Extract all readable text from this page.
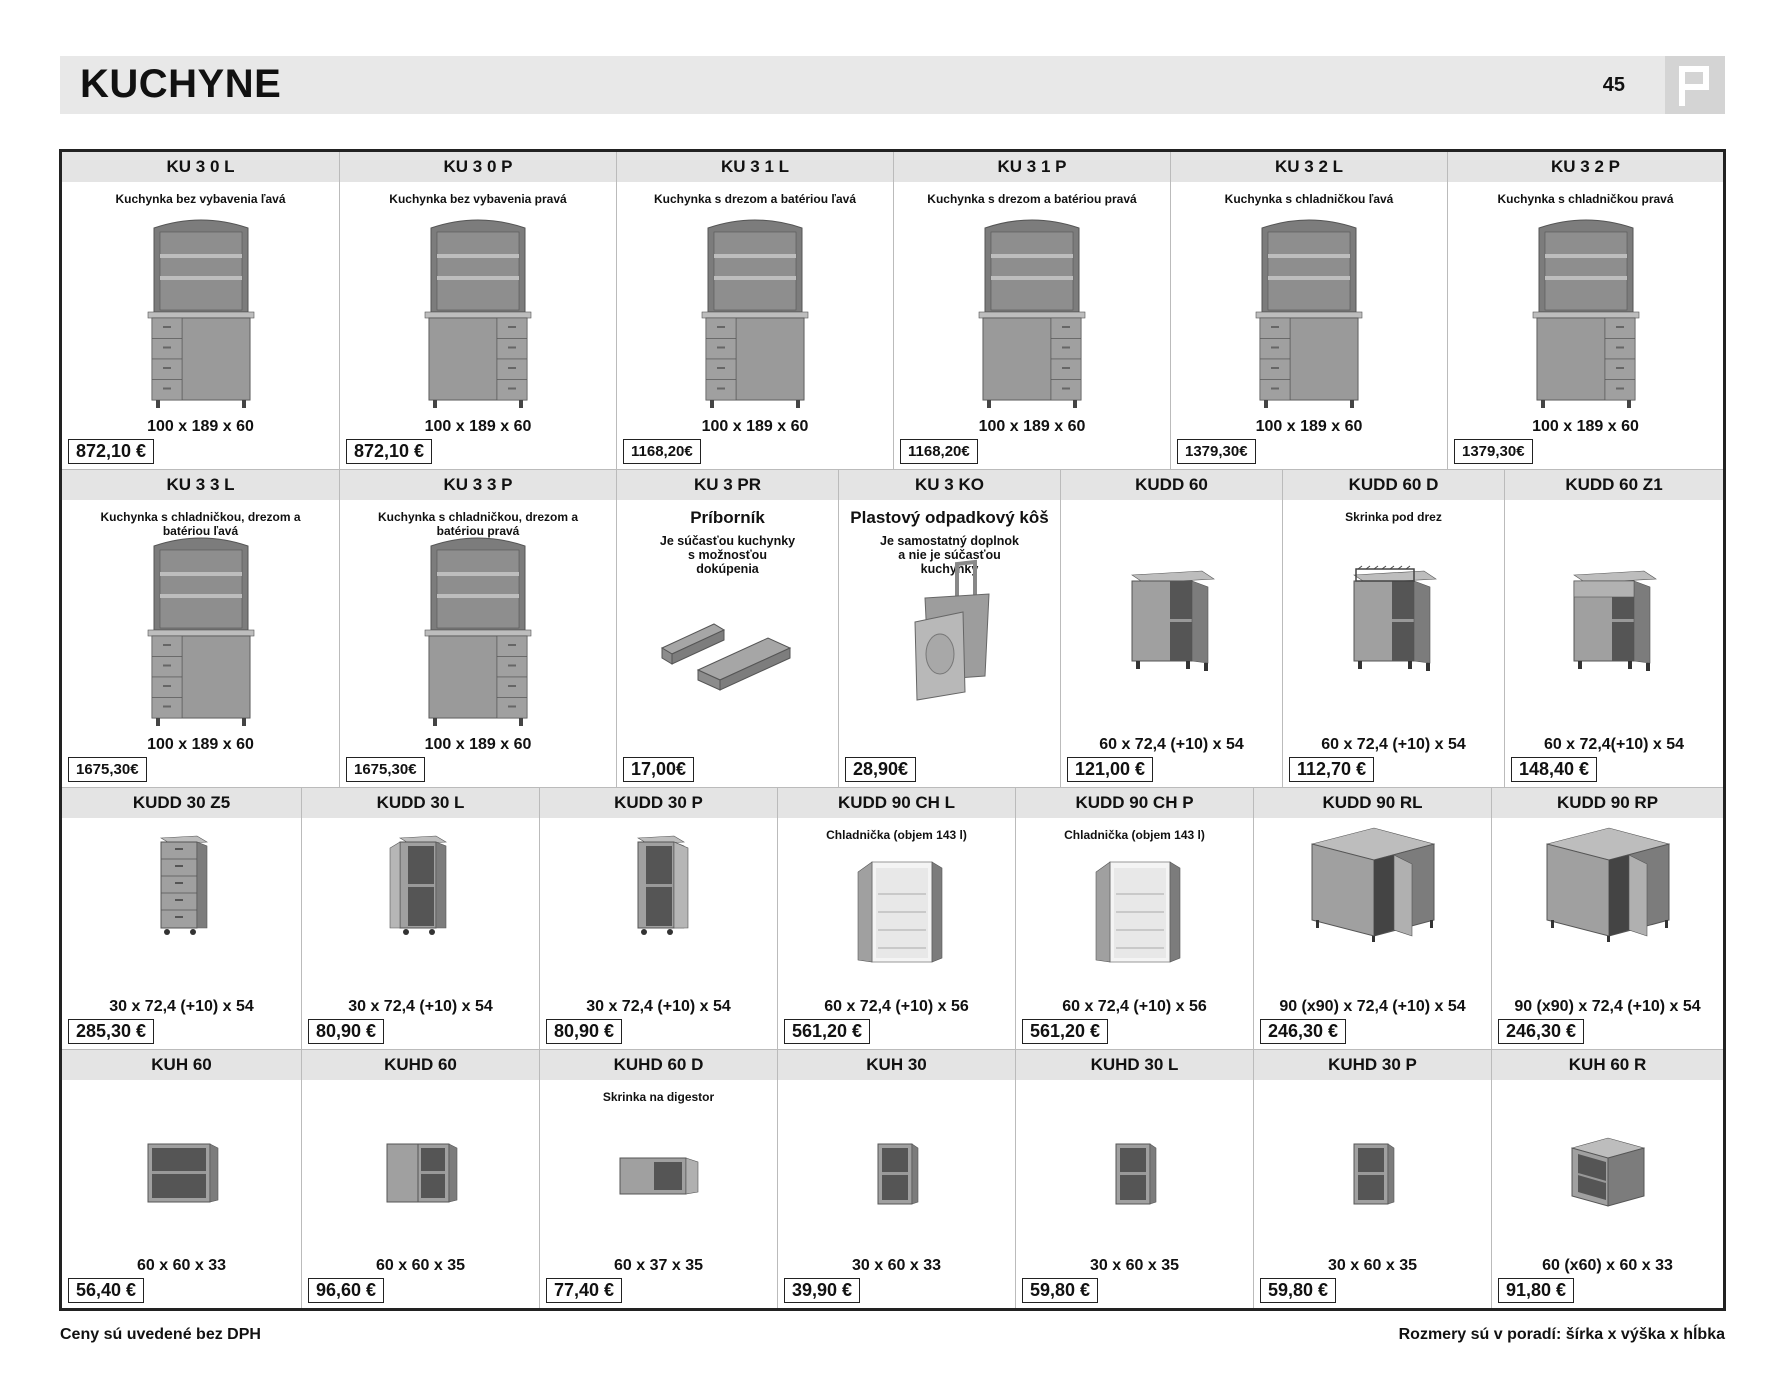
KUCHYNE	45
KU 3 0 L
Kuchynka bez vybavenia ľavá
100 x 189 x 60
872,10 €
KU 3 0 P
Kuchynka bez vybavenia pravá
100 x 189 x 60
872,10 €
KU 3 1 L
Kuchynka s drezom a batériou ľavá
100 x 189 x 60
1168,20€
KU 3 1 P
Kuchynka s drezom a batériou pravá
100 x 189 x 60
1168,20€
KU 3 2 L
Kuchynka s chladničkou ľavá
100 x 189 x 60
1379,30€
KU 3 2 P
Kuchynka s chladničkou pravá
100 x 189 x 60
1379,30€
KU 3 3 L
Kuchynka s chladničkou, drezom a batériou ľavá
100 x 189 x 60
1675,30€
KU 3 3 P
Kuchynka s chladničkou, drezom a batériou pravá
100 x 189 x 60
1675,30€
KU 3 PR
Príborník
Je súčasťou kuchynky s možnosťou dokúpenia
17,00€
KU 3 KO
Plastový odpadkový kôš
Je samostatný doplnok a nie je súčasťou kuchynky
28,90€
KUDD 60
60 x 72,4 (+10) x 54
121,00 €
KUDD 60 D
Skrinka pod drez
60 x 72,4 (+10) x 54
112,70 €
KUDD 60 Z1
60 x 72,4(+10) x 54
148,40 €
KUDD 30 Z5
30 x 72,4 (+10) x 54
285,30 €
KUDD 30 L
30 x 72,4 (+10) x 54
80,90 €
KUDD 30 P
30 x 72,4 (+10) x 54
80,90 €
KUDD 90 CH L
Chladnička (objem 143 l)
60 x 72,4 (+10) x 56
561,20 €
KUDD 90 CH P
Chladnička (objem 143 l)
60 x 72,4 (+10) x 56
561,20 €
KUDD 90 RL
90 (x90) x 72,4 (+10) x 54
246,30 €
KUDD 90 RP
90 (x90) x 72,4 (+10) x 54
246,30 €
KUH 60
60 x 60 x 33
56,40 €
KUHD 60
60 x 60 x 35
96,60 €
KUHD 60 D
Skrinka na digestor
60 x 37 x 35
77,40 €
KUH 30
30 x 60 x 33
39,90 €
KUHD 30 L
30 x 60 x 35
59,80 €
KUHD 30 P
30 x 60 x 35
59,80 €
KUH 60 R
60 (x60) x 60 x 33
91,80 €
Ceny sú uvedené bez DPH	Rozmery sú v poradí: šírka x výška x hĺbka
